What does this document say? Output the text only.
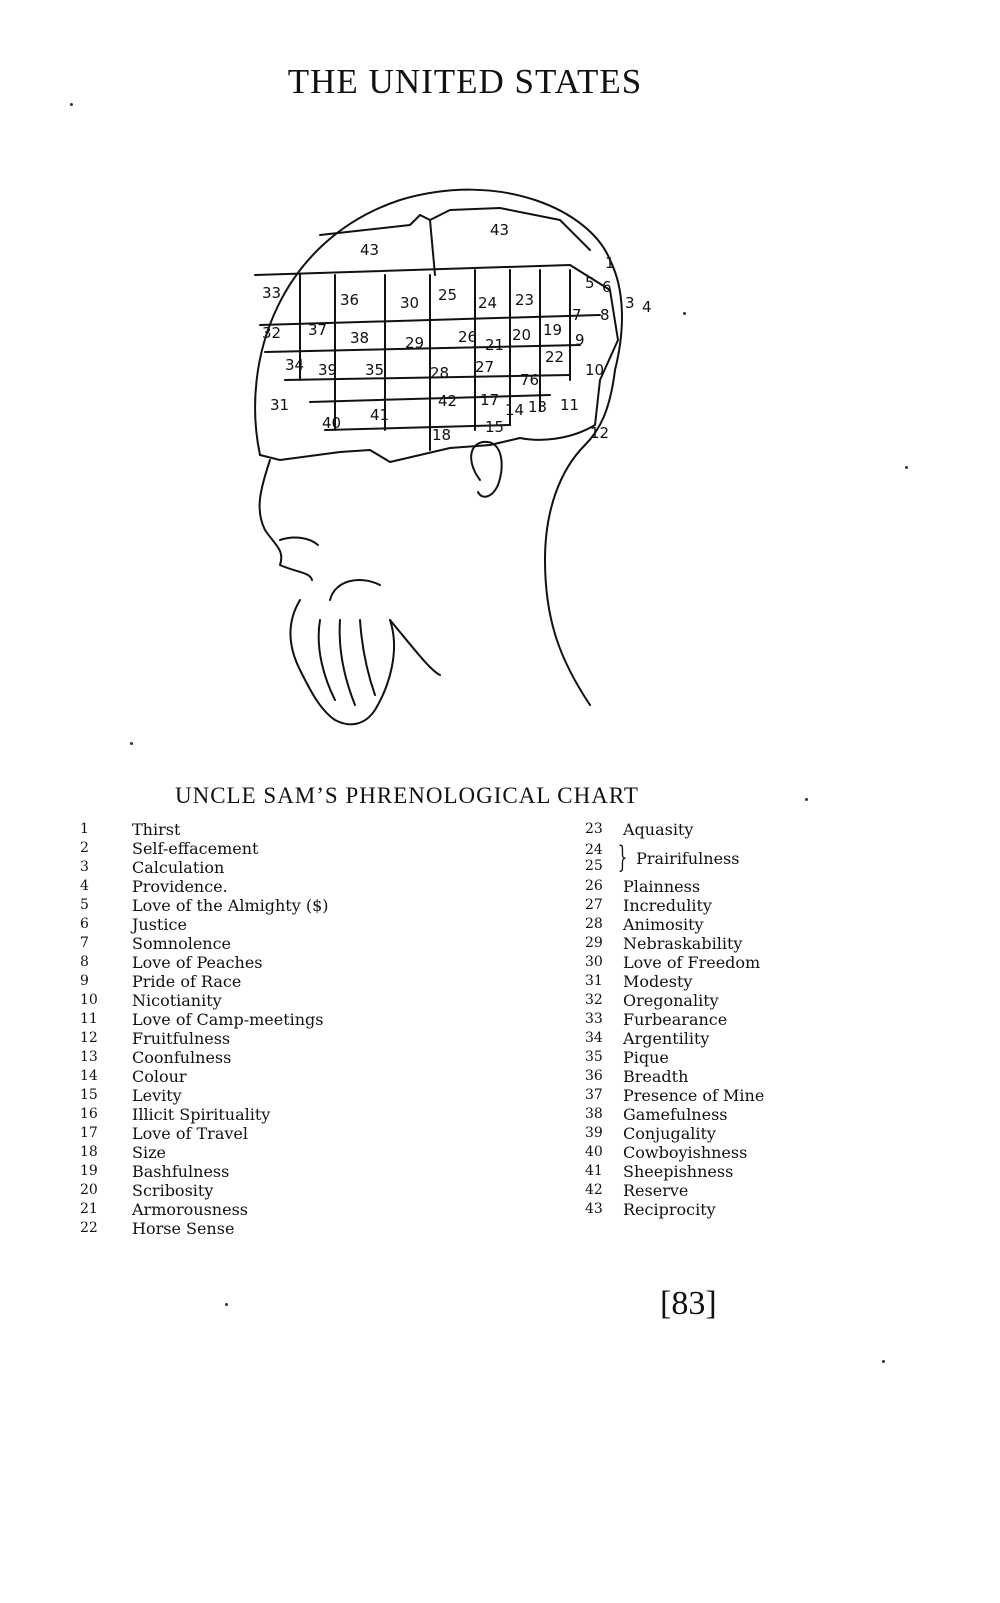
THE UNITED STATES
43
43
33	36	30 25 24 23
32 37 38 29 26 21
20 19
7
9
34 39 35	28 27
22
76
10
31
40 41
42 17
14 13 11
18 15	12
5 6
1
8
3 4
UNCLE SAM’S PHRENOLOGICAL CHART
1	Thirst
2	Self-effacement
3	Calculation
4	Providence.
5	Love of the Almighty ($)
6	Justice
7	Somnolence
8	Love of Peaches
9	Pride of Race
10	Nicotianity
11	Love of Camp-meetings
12	Fruitfulness
13	Coonfulness
14	Colour
15	Levity
16	Illicit Spirituality
17	Love of Travel
18	Size
19	Bashfulness
20	Scribosity
21	Armorousness
22	Horse Sense
23	Aquasity
24
25 } Prairifulness
26	Plainness
27	Incredulity
28	Animosity
29	Nebraskability
30	Love of Freedom
31	Modesty
32	Oregonality
33	Furbearance
34	Argentility
35	Pique
36	Breadth
37	Presence of Mine
38	Gamefulness
39	Conjugality
40	Cowboyishness
41	Sheepishness
42	Reserve
43	Reciprocity
[83]
